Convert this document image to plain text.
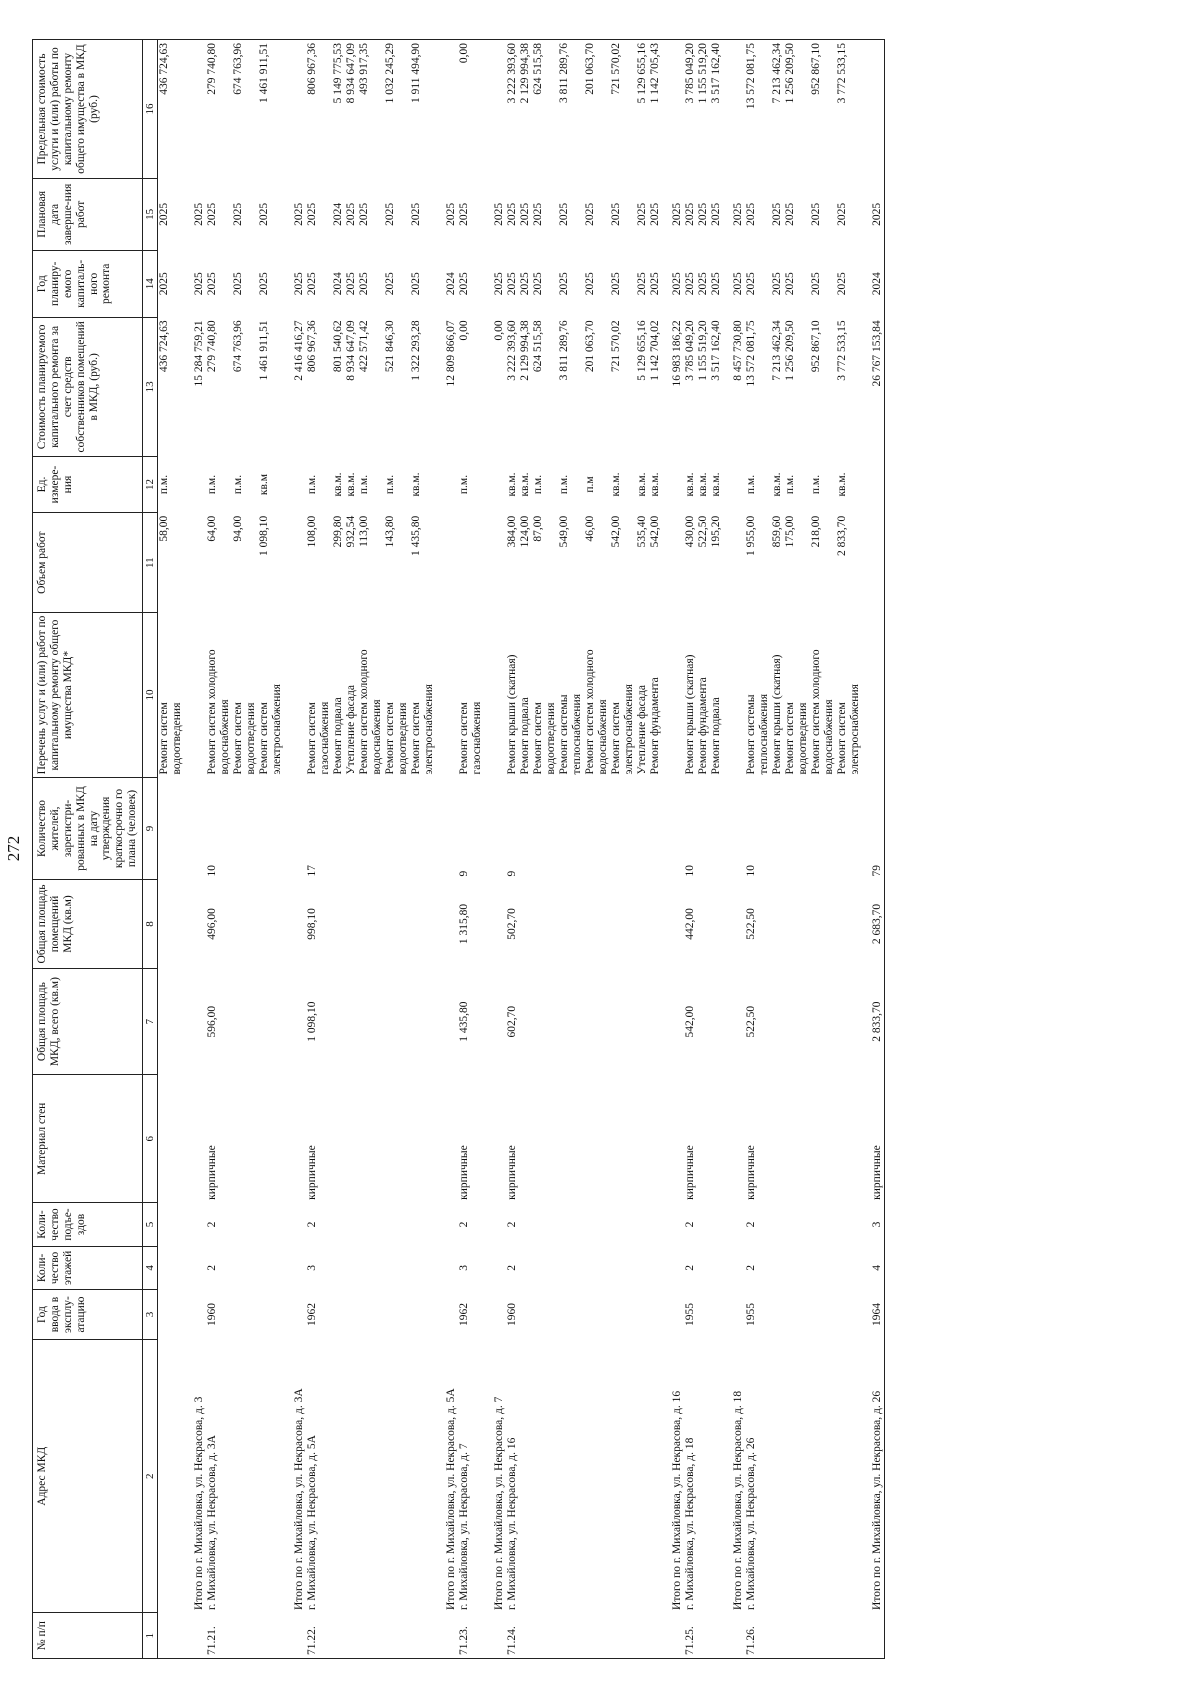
272
№ п/п	Адрес МКД	Год ввода в эксплу-атацию	Коли-чество этажей	Коли-чество подъе-здов	Материал стен	Общая площадь МКД, всего (кв.м)	Общая площадь помещений МКД (кв.м)	Количество жителей, зарегистри-рованных в МКД на дату утверждения краткосрочно го плана (человек)	Перечень услуг и (или) работ по капитальному ремонту общего имущества МКД*	Объем работ	Ед. измере-ния	Стоимость планируемого капитального ремонта за счет средств собственников помещений в МКД, (руб.)	Год планиру-емого капиталь-ного ремонта	Плановая дата заверше-ния работ	Предельная стоимость услуги и (или) работы по капитальному ремонту общего имущества в МКД (руб.)
1	2	3	4	5	6	7	8	9	10	11	12	13	14	15	16

									Ремонт систем водоотведения	58,00	п.м.	436 724,63	2025	2025	436 724,63
	Итого по г. Михайловка, ул. Некрасова, д. 3											15 284 759,21	2025	2025	
71.21.	г. Михайловка, ул. Некрасова, д. 3А	1960	2	2	кирпичные	596,00	496,00	10	Ремонт систем холодного водоснабжения	64,00	п.м.	279 740,80	2025	2025	279 740,80

									Ремонт систем водоотведения	94,00	п.м.	674 763,96	2025	2025	674 763,96

									Ремонт систем электроснабжения	1 098,10	кв.м	1 461 911,51	2025	2025	1 461 911,51
	Итого по г. Михайловка, ул. Некрасова, д. 3А											2 416 416,27	2025	2025	
71.22.	г. Михайловка, ул. Некрасова, д. 5А	1962	3	2	кирпичные	1 098,10	998,10	17	Ремонт систем газоснабжения	108,00	п.м.	806 967,36	2025	2025	806 967,36

									Ремонт подвала	299,80	кв.м.	801 540,62	2024	2024	5 149 775,53

									Утепление фасада	932,54	кв.м.	8 934 647,09	2025	2025	8 934 647,09

									Ремонт систем холодного водоснабжения	113,00	п.м.	422 571,42	2025	2025	493 917,35

									Ремонт систем водоотведения	143,80	п.м.	521 846,30	2025	2025	1 032 245,29

									Ремонт систем электроснабжения	1 435,80	кв.м.	1 322 293,28	2025	2025	1 911 494,90
	Итого по г. Михайловка, ул. Некрасова, д. 5А											12 809 866,07	2024	2025	
71.23.	г. Михайловка, ул. Некрасова, д. 7	1962	3	2	кирпичные	1 435,80	1 315,80	9	Ремонт систем газоснабжения		п.м.	0,00	2025	2025	0,00
	Итого по г. Михайловка, ул. Некрасова, д. 7											0,00	2025	2025	
71.24.	г. Михайловка, ул. Некрасова, д. 16	1960	2	2	кирпичные	602,70	502,70	9	Ремонт крыши (скатная)	384,00	кв.м.	3 222 393,60	2025	2025	3 222 393,60

									Ремонт подвала	124,00	кв.м.	2 129 994,38	2025	2025	2 129 994,38

									Ремонт систем водоотведения	87,00	п.м.	624 515,58	2025	2025	624 515,58

									Ремонт системы теплоснабжения	549,00	п.м.	3 811 289,76	2025	2025	3 811 289,76

									Ремонт систем холодного водоснабжения	46,00	п.м	201 063,70	2025	2025	201 063,70

									Ремонт систем электроснабжения	542,00	кв.м.	721 570,02	2025	2025	721 570,02

									Утепление фасада	535,40	кв.м.	5 129 655,16	2025	2025	5 129 655,16

									Ремонт фундамента	542,00	кв.м.	1 142 704,02	2025	2025	1 142 705,43
	Итого по г. Михайловка, ул. Некрасова, д. 16											16 983 186,22	2025	2025	
71.25.	г. Михайловка, ул. Некрасова, д. 18	1955	2	2	кирпичные	542,00	442,00	10	Ремонт крыши (скатная)	430,00	кв.м.	3 785 049,20	2025	2025	3 785 049,20

									Ремонт фундамента	522,50	кв.м.	1 155 519,20	2025	2025	1 155 519,20

									Ремонт подвала	195,20	кв.м.	3 517 162,40	2025	2025	3 517 162,40
	Итого по г. Михайловка, ул. Некрасова, д. 18											8 457 730,80	2025	2025	
71.26.	г. Михайловка, ул. Некрасова, д. 26	1955	2	2	кирпичные	522,50	522,50	10	Ремонт системы теплоснабжения	1 955,00	п.м.	13 572 081,75	2025	2025	13 572 081,75

									Ремонт крыши (скатная)	859,60	кв.м.	7 213 462,34	2025	2025	7 213 462,34

									Ремонт систем водоотведения	175,00	п.м.	1 256 209,50	2025	2025	1 256 209,50

									Ремонт систем холодного водоснабжения	218,00	п.м.	952 867,10	2025	2025	952 867,10

									Ремонт систем электроснабжения	2 833,70	кв.м.	3 772 533,15	2025	2025	3 772 533,15
	Итого по г. Михайловка, ул. Некрасова, д. 26	1964	4	3	кирпичные	2 833,70	2 683,70	79				26 767 153,84	2024	2025	
